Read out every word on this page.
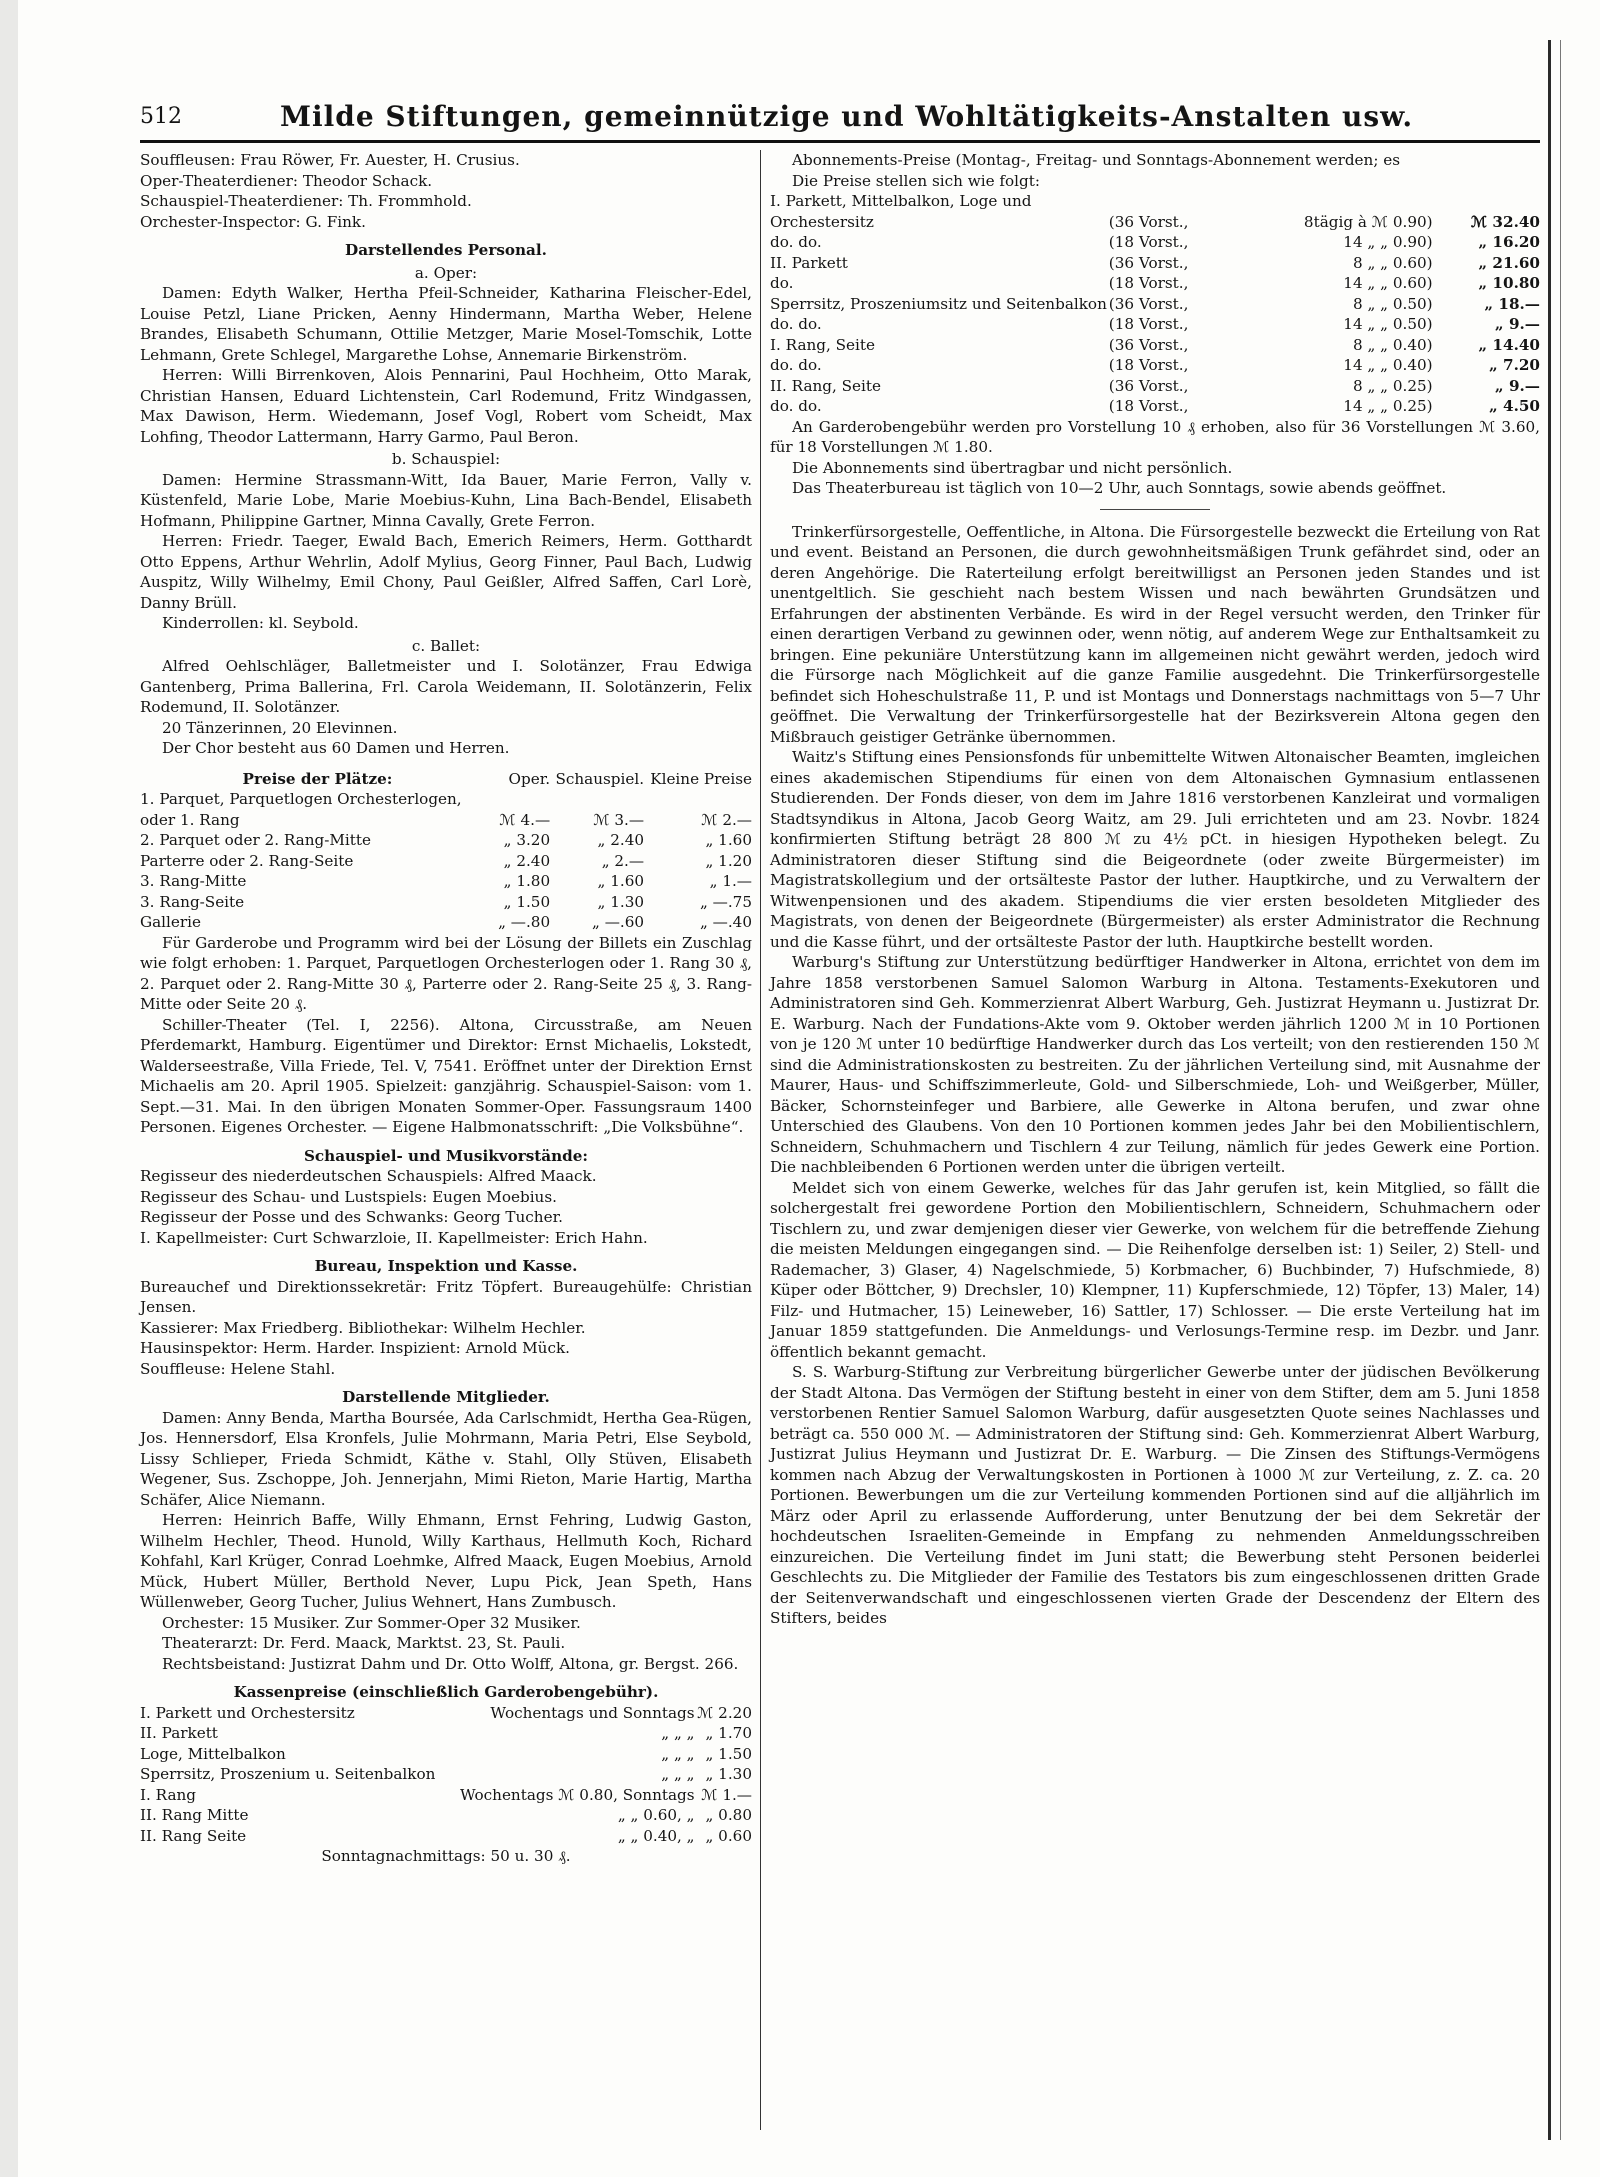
512	Milde Stiftungen, gemeinnützige und Wohltätigkeits-Anstalten usw.

Souffleusen: Frau Röwer, Fr. Auester, H. Crusius.

Oper-Theaterdiener: Theodor Schack.

Schauspiel-Theaterdiener: Th. Frommhold.

Orchester-Inspector: G. Fink.

Darstellendes Personal.

a. Oper:

Damen: Edyth Walker, Hertha Pfeil-Schneider, Katharina Fleischer-Edel, Louise Petzl, Liane Pricken, Aenny Hindermann, Martha Weber, Helene Brandes, Elisabeth Schumann, Ottilie Metzger, Marie Mosel-Tomschik, Lotte Lehmann, Grete Schlegel, Margarethe Lohse, Annemarie Birkenström.

Herren: Willi Birrenkoven, Alois Pennarini, Paul Hochheim, Otto Marak, Christian Hansen, Eduard Lichtenstein, Carl Rodemund, Fritz Windgassen, Max Dawison, Herm. Wiedemann, Josef Vogl, Robert vom Scheidt, Max Lohfing, Theodor Lattermann, Harry Garmo, Paul Beron.

b. Schauspiel:

Damen: Hermine Strassmann-Witt, Ida Bauer, Marie Ferron, Vally v. Küstenfeld, Marie Lobe, Marie Moebius-Kuhn, Lina Bach-Bendel, Elisabeth Hofmann, Philippine Gartner, Minna Cavally, Grete Ferron.

Herren: Friedr. Taeger, Ewald Bach, Emerich Reimers, Herm. Gotthardt Otto Eppens, Arthur Wehrlin, Adolf Mylius, Georg Finner, Paul Bach, Ludwig Auspitz, Willy Wilhelmy, Emil Chony, Paul Geißler, Alfred Saffen, Carl Lorè, Danny Brüll.

Kinderrollen: kl. Seybold.

c. Ballet:

Alfred Oehlschläger, Balletmeister und I. Solotänzer, Frau Edwiga Gantenberg, Prima Ballerina, Frl. Carola Weidemann, II. Solotänzerin, Felix Rodemund, II. Solotänzer.

20 Tänzerinnen, 20 Elevinnen.

Der Chor besteht aus 60 Damen und Herren.

Preise der Plätze:	Oper.	Schauspiel.	Kleine Preise
1. Parquet, Parquetlogen Orchesterlogen, oder 1. Rang	ℳ 4.—	ℳ 3.—	ℳ 2.—
2. Parquet oder 2. Rang-Mitte	„ 3.20	„ 2.40	„ 1.60
Parterre oder 2. Rang-Seite	„ 2.40	„ 2.—	„ 1.20
3. Rang-Mitte	„ 1.80	„ 1.60	„ 1.—
3. Rang-Seite	„ 1.50	„ 1.30	„ —.75
Gallerie	„ —.80	„ —.60	„ —.40

Für Garderobe und Programm wird bei der Lösung der Billets ein Zuschlag wie folgt erhoben: 1. Parquet, Parquetlogen Orchesterlogen oder 1. Rang 30 ₰, 2. Parquet oder 2. Rang-Mitte 30 ₰, Parterre oder 2. Rang-Seite 25 ₰, 3. Rang-Mitte oder Seite 20 ₰.

Schiller-Theater (Tel. I, 2256). Altona, Circusstraße, am Neuen Pferdemarkt, Hamburg. Eigentümer und Direktor: Ernst Michaelis, Lokstedt, Walderseestraße, Villa Friede, Tel. V, 7541. Eröffnet unter der Direktion Ernst Michaelis am 20. April 1905. Spielzeit: ganzjährig. Schauspiel-Saison: vom 1. Sept.—31. Mai. In den übrigen Monaten Sommer-Oper. Fassungsraum 1400 Personen. Eigenes Orchester. — Eigene Halbmonatsschrift: „Die Volksbühne“.

Schauspiel- und Musikvorstände:

Regisseur des niederdeutschen Schauspiels: Alfred Maack.

Regisseur des Schau- und Lustspiels: Eugen Moebius.

Regisseur der Posse und des Schwanks: Georg Tucher.

I. Kapellmeister: Curt Schwarzloie, II. Kapellmeister: Erich Hahn.

Bureau, Inspektion und Kasse.

Bureauchef und Direktionssekretär: Fritz Töpfert. Bureaugehülfe: Christian Jensen.

Kassierer: Max Friedberg. Bibliothekar: Wilhelm Hechler.

Hausinspektor: Herm. Harder. Inspizient: Arnold Mück.

Souffleuse: Helene Stahl.

Darstellende Mitglieder.

Damen: Anny Benda, Martha Boursée, Ada Carlschmidt, Hertha Gea-Rügen, Jos. Hennersdorf, Elsa Kronfels, Julie Mohrmann, Maria Petri, Else Seybold, Lissy Schlieper, Frieda Schmidt, Käthe v. Stahl, Olly Stüven, Elisabeth Wegener, Sus. Zschoppe, Joh. Jennerjahn, Mimi Rieton, Marie Hartig, Martha Schäfer, Alice Niemann.

Herren: Heinrich Baffe, Willy Ehmann, Ernst Fehring, Ludwig Gaston, Wilhelm Hechler, Theod. Hunold, Willy Karthaus, Hellmuth Koch, Richard Kohfahl, Karl Krüger, Conrad Loehmke, Alfred Maack, Eugen Moebius, Arnold Mück, Hubert Müller, Berthold Never, Lupu Pick, Jean Speth, Hans Wüllenweber, Georg Tucher, Julius Wehnert, Hans Zumbusch.

Orchester: 15 Musiker. Zur Sommer-Oper 32 Musiker.

Theaterarzt: Dr. Ferd. Maack, Marktst. 23, St. Pauli.

Rechtsbeistand: Justizrat Dahm und Dr. Otto Wolff, Altona, gr. Bergst. 266.

Kassenpreise (einschließlich Garderobengebühr).

I. Parkett und Orchestersitz	Wochentags und Sonntags	ℳ 2.20
II. Parkett	„ „ „	„ 1.70
Loge, Mittelbalkon	„ „ „	„ 1.50
Sperrsitz, Proszenium u. Seitenbalkon	„ „ „	„ 1.30
I. Rang	Wochentags ℳ 0.80, Sonntags	ℳ 1.—
II. Rang Mitte	„ „ 0.60, „	„ 0.80
II. Rang Seite	„ „ 0.40, „	„ 0.60

Sonntagnachmittags: 50 u. 30 ₰.

Abonnements-Preise (Montag-, Freitag- und Sonntags-Abonnement werden; es

Die Preise stellen sich wie folgt:

I. Parkett, Mittelbalkon, Loge und Orchestersitz	(36 Vorst.,	8tägig à ℳ 0.90)	ℳ 32.40
do. do.	(18 Vorst.,	14 „ „ 0.90)	„ 16.20
II. Parkett	(36 Vorst.,	8 „ „ 0.60)	„ 21.60
do.	(18 Vorst.,	14 „ „ 0.60)	„ 10.80
Sperrsitz, Proszeniumsitz und Seitenbalkon	(36 Vorst.,	8 „ „ 0.50)	„ 18.—
do. do.	(18 Vorst.,	14 „ „ 0.50)	„ 9.—
I. Rang, Seite	(36 Vorst.,	8 „ „ 0.40)	„ 14.40
do. do.	(18 Vorst.,	14 „ „ 0.40)	„ 7.20
II. Rang, Seite	(36 Vorst.,	8 „ „ 0.25)	„ 9.—
do. do.	(18 Vorst.,	14 „ „ 0.25)	„ 4.50

An Garderobengebühr werden pro Vorstellung 10 ₰ erhoben, also für 36 Vorstellungen ℳ 3.60, für 18 Vorstellungen ℳ 1.80.

Die Abonnements sind übertragbar und nicht persönlich.

Das Theaterbureau ist täglich von 10—2 Uhr, auch Sonntags, sowie abends geöffnet.

Trinkerfürsorgestelle, Oeffentliche, in Altona. Die Fürsorgestelle bezweckt die Erteilung von Rat und event. Beistand an Personen, die durch gewohnheitsmäßigen Trunk gefährdet sind, oder an deren Angehörige. Die Raterteilung erfolgt bereitwilligst an Personen jeden Standes und ist unentgeltlich. Sie geschieht nach bestem Wissen und nach bewährten Grundsätzen und Erfahrungen der abstinenten Verbände. Es wird in der Regel versucht werden, den Trinker für einen derartigen Verband zu gewinnen oder, wenn nötig, auf anderem Wege zur Enthaltsamkeit zu bringen. Eine pekuniäre Unterstützung kann im allgemeinen nicht gewährt werden, jedoch wird die Fürsorge nach Möglichkeit auf die ganze Familie ausgedehnt. Die Trinkerfürsorgestelle befindet sich Hoheschulstraße 11, P. und ist Montags und Donnerstags nachmittags von 5—7 Uhr geöffnet. Die Verwaltung der Trinkerfürsorgestelle hat der Bezirksverein Altona gegen den Mißbrauch geistiger Getränke übernommen.

Waitz's Stiftung eines Pensionsfonds für unbemittelte Witwen Altonaischer Beamten, imgleichen eines akademischen Stipendiums für einen von dem Altonaischen Gymnasium entlassenen Studierenden. Der Fonds dieser, von dem im Jahre 1816 verstorbenen Kanzleirat und vormaligen Stadtsyndikus in Altona, Jacob Georg Waitz, am 29. Juli errichteten und am 23. Novbr. 1824 konfirmierten Stiftung beträgt 28 800 ℳ zu 4½ pCt. in hiesigen Hypotheken belegt. Zu Administratoren dieser Stiftung sind die Beigeordnete (oder zweite Bürgermeister) im Magistratskollegium und der ortsälteste Pastor der luther. Hauptkirche, und zu Verwaltern der Witwenpensionen und des akadem. Stipendiums die vier ersten besoldeten Mitglieder des Magistrats, von denen der Beigeordnete (Bürgermeister) als erster Administrator die Rechnung und die Kasse führt, und der ortsälteste Pastor der luth. Hauptkirche bestellt worden.

Warburg's Stiftung zur Unterstützung bedürftiger Handwerker in Altona, errichtet von dem im Jahre 1858 verstorbenen Samuel Salomon Warburg in Altona. Testaments-Exekutoren und Administratoren sind Geh. Kommerzienrat Albert Warburg, Geh. Justizrat Heymann u. Justizrat Dr. E. Warburg. Nach der Fundations-Akte vom 9. Oktober werden jährlich 1200 ℳ in 10 Portionen von je 120 ℳ unter 10 bedürftige Handwerker durch das Los verteilt; von den restierenden 150 ℳ sind die Administrationskosten zu bestreiten. Zu der jährlichen Verteilung sind, mit Ausnahme der Maurer, Haus- und Schiffszimmerleute, Gold- und Silberschmiede, Loh- und Weißgerber, Müller, Bäcker, Schornsteinfeger und Barbiere, alle Gewerke in Altona berufen, und zwar ohne Unterschied des Glaubens. Von den 10 Portionen kommen jedes Jahr bei den Mobilientischlern, Schneidern, Schuhmachern und Tischlern 4 zur Teilung, nämlich für jedes Gewerk eine Portion. Die nachbleibenden 6 Portionen werden unter die übrigen verteilt.

Meldet sich von einem Gewerke, welches für das Jahr gerufen ist, kein Mitglied, so fällt die solchergestalt frei gewordene Portion den Mobilientischlern, Schneidern, Schuhmachern oder Tischlern zu, und zwar demjenigen dieser vier Gewerke, von welchem für die betreffende Ziehung die meisten Meldungen eingegangen sind. — Die Reihenfolge derselben ist: 1) Seiler, 2) Stell- und Rademacher, 3) Glaser, 4) Nagelschmiede, 5) Korbmacher, 6) Buchbinder, 7) Hufschmiede, 8) Küper oder Böttcher, 9) Drechsler, 10) Klempner, 11) Kupferschmiede, 12) Töpfer, 13) Maler, 14) Filz- und Hutmacher, 15) Leineweber, 16) Sattler, 17) Schlosser. — Die erste Verteilung hat im Januar 1859 stattgefunden. Die Anmeldungs- und Verlosungs-Termine resp. im Dezbr. und Janr. öffentlich bekannt gemacht.

S. S. Warburg-Stiftung zur Verbreitung bürgerlicher Gewerbe unter der jüdischen Bevölkerung der Stadt Altona. Das Vermögen der Stiftung besteht in einer von dem Stifter, dem am 5. Juni 1858 verstorbenen Rentier Samuel Salomon Warburg, dafür ausgesetzten Quote seines Nachlasses und beträgt ca. 550 000 ℳ. — Administratoren der Stiftung sind: Geh. Kommerzienrat Albert Warburg, Justizrat Julius Heymann und Justizrat Dr. E. Warburg. — Die Zinsen des Stiftungs-Vermögens kommen nach Abzug der Verwaltungskosten in Portionen à 1000 ℳ zur Verteilung, z. Z. ca. 20 Portionen. Bewerbungen um die zur Verteilung kommenden Portionen sind auf die alljährlich im März oder April zu erlassende Aufforderung, unter Benutzung der bei dem Sekretär der hochdeutschen Israeliten-Gemeinde in Empfang zu nehmenden Anmeldungsschreiben einzureichen. Die Verteilung findet im Juni statt; die Bewerbung steht Personen beiderlei Geschlechts zu. Die Mitglieder der Familie des Testators bis zum eingeschlossenen dritten Grade der Seitenverwandschaft und eingeschlossenen vierten Grade der Descendenz der Eltern des Stifters, beides
